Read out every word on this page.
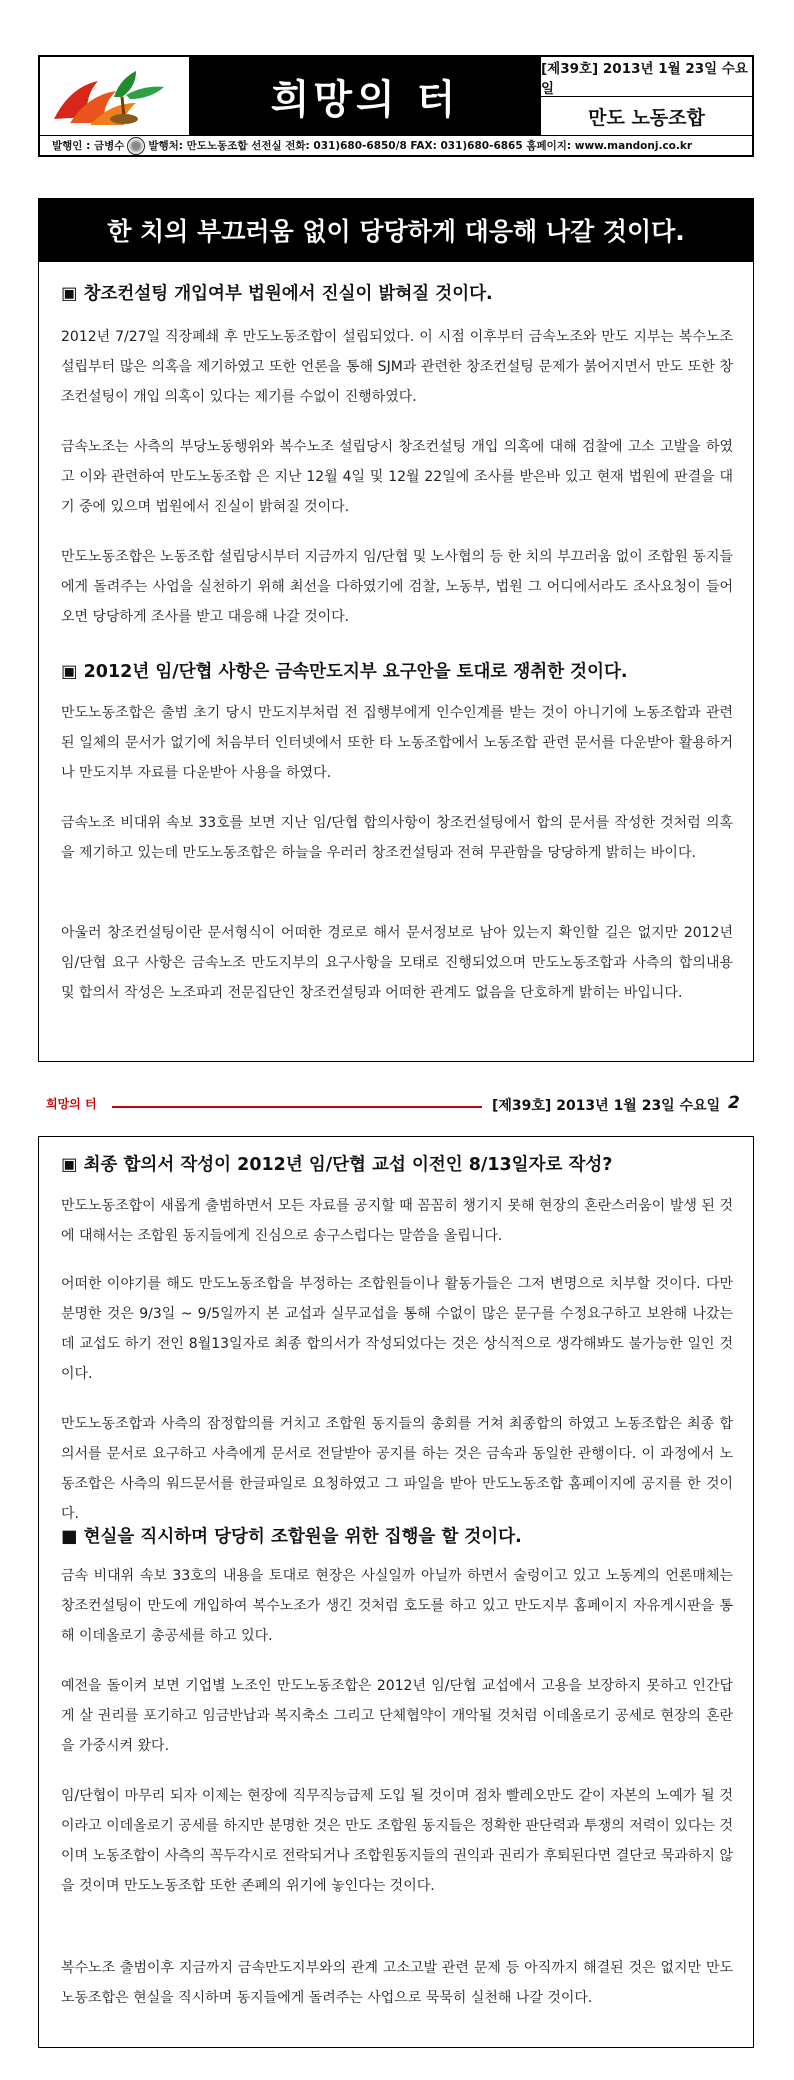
희망의 터
[제39호] 2013년 1월 23일 수요일
만도 노동조합
발행인 : 금병수 발행처: 만도노동조합 선전실 전화: 031)680-6850/8 FAX: 031)680-6865 홈페이지: www.mandonj.co.kr
한 치의 부끄러움 없이 당당하게 대응해 나갈 것이다.
▣ 창조컨설팅 개입여부 법원에서 진실이 밝혀질 것이다.
2012년 7/27일 직장폐쇄 후 만도노동조합이 설립되었다. 이 시점 이후부터 금속노조와 만도 지부는 복수노조 설립부터 많은 의혹을 제기하였고 또한 언론을 통해 SJM과 관련한 창조컨설팅 문제가 붉어지면서 만도 또한 창조컨설팅이 개입 의혹이 있다는 제기를 수없이 진행하였다.
금속노조는 사측의 부당노동행위와 복수노조 설립당시 창조컨설팅 개입 의혹에 대해 검찰에 고소 고발을 하였고 이와 관련하여 만도노동조합 은 지난 12월 4일 및 12월 22일에 조사를 받은바 있고 현재 법원에 판결을 대기 중에 있으며 법원에서 진실이 밝혀질 것이다.
만도노동조합은 노동조합 설립당시부터 지금까지 임/단협 및 노사협의 등 한 치의 부끄러움 없이 조합원 동지들에게 돌려주는 사업을 실천하기 위해 최선을 다하였기에 검찰, 노동부, 법원 그 어디에서라도 조사요청이 들어오면 당당하게 조사를 받고 대응해 나갈 것이다.
▣ 2012년 임/단협 사항은 금속만도지부 요구안을 토대로 쟁취한 것이다.
만도노동조합은 출범 초기 당시 만도지부처럼 전 집행부에게 인수인계를 받는 것이 아니기에 노동조합과 관련 된 일체의 문서가 없기에 처음부터 인터넷에서 또한 타 노동조합에서 노동조합 관련 문서를 다운받아 활용하거나 만도지부 자료를 다운받아 사용을 하였다.
금속노조 비대위 속보 33호를 보면 지난 임/단협 합의사항이 창조컨설팅에서 합의 문서를 작성한 것처럼 의혹을 제기하고 있는데 만도노동조합은 하늘을 우러러 창조컨설팅과 전혀 무관함을 당당하게 밝히는 바이다.
아울러 창조컨설팅이란 문서형식이 어떠한 경로로 해서 문서정보로 남아 있는지 확인할 길은 없지만 2012년 임/단협 요구 사항은 금속노조 만도지부의 요구사항을 모태로 진행되었으며 만도노동조합과 사측의 합의내용 및 합의서 작성은 노조파괴 전문집단인 창조컨설팅과 어떠한 관계도 없음을 단호하게 밝히는 바입니다.
희망의 터	[제39호] 2013년 1월 23일 수요일 2
▣ 최종 합의서 작성이 2012년 임/단협 교섭 이전인 8/13일자로 작성?
만도노동조합이 새롭게 출범하면서 모든 자료를 공지할 때 꼼꼼히 챙기지 못해 현장의 혼란스러움이 발생 된 것에 대해서는 조합원 동지들에게 진심으로 송구스럽다는 말씀을 올립니다.
어떠한 이야기를 해도 만도노동조합을 부정하는 조합원들이나 활동가들은 그저 변명으로 치부할 것이다. 다만 분명한 것은 9/3일 ~ 9/5일까지 본 교섭과 실무교섭을 통해 수없이 많은 문구를 수정요구하고 보완해 나갔는데 교섭도 하기 전인 8월13일자로 최종 합의서가 작성되었다는 것은 상식적으로 생각해봐도 불가능한 일인 것이다.
만도노동조합과 사측의 잠정합의를 거치고 조합원 동지들의 총회를 거쳐 최종합의 하였고 노동조합은 최종 합의서를 문서로 요구하고 사측에게 문서로 전달받아 공지를 하는 것은 금속과 동일한 관행이다. 이 과정에서 노동조합은 사측의 워드문서를 한글파일로 요청하였고 그 파일을 받아 만도노동조합 홈페이지에 공지를 한 것이다.
■ 현실을 직시하며 당당히 조합원을 위한 집행을 할 것이다.
금속 비대위 속보 33호의 내용을 토대로 현장은 사실일까 아닐까 하면서 술렁이고 있고 노동계의 언론매체는 창조컨설팅이 만도에 개입하여 복수노조가 생긴 것처럼 호도를 하고 있고 만도지부 홈페이지 자유게시판을 통해 이데올로기 총공세를 하고 있다.
예전을 돌이켜 보면 기업별 노조인 만도노동조합은 2012년 임/단협 교섭에서 고용을 보장하지 못하고 인간답게 살 권리를 포기하고 임금반납과 복지축소 그리고 단체협약이 개악될 것처럼 이데올로기 공세로 현장의 혼란을 가중시켜 왔다.
임/단협이 마무리 되자 이제는 현장에 직무직능급제 도입 될 것이며 점차 빨레오만도 같이 자본의 노예가 될 것이라고 이데올로기 공세를 하지만 분명한 것은 만도 조합원 동지들은 정확한 판단력과 투쟁의 저력이 있다는 것이며 노동조합이 사측의 꼭두각시로 전락되거나 조합원동지들의 권익과 권리가 후퇴된다면 결단코 묵과하지 않을 것이며 만도노동조합 또한 존폐의 위기에 놓인다는 것이다.
복수노조 출범이후 지금까지 금속만도지부와의 관계 고소고발 관련 문제 등 아직까지 해결된 것은 없지만 만도노동조합은 현실을 직시하며 동지들에게 돌려주는 사업으로 묵묵히 실천해 나갈 것이다.
